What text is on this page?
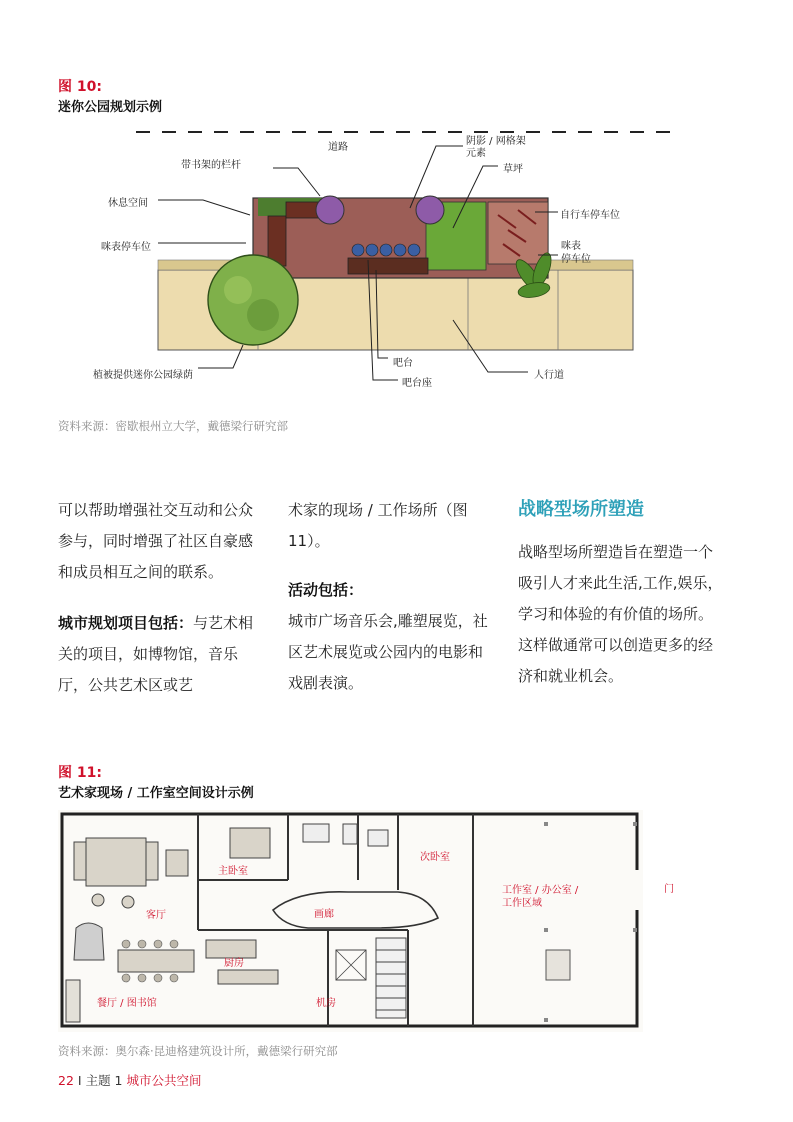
图 10:
迷你公园规划示例
道路
带书架的栏杆
阴影 / 网格架
元素
草坪
休息空间
自行车停车位
咪表停车位	咪表
停车位
吧台
吧台座
人行道
植被提供迷你公园绿荫
资料来源：密歇根州立大学，戴德梁行研究部

可以帮助增强社交互动和公众参与，同时增强了社区自豪感和成员相互之间的联系。

城市规划项目包括：与艺术相关的项目，如博物馆，音乐厅，公共艺术区或艺

术家的现场 / 工作场所（图 11）。

活动包括：

城市广场音乐会,雕塑展览，社区艺术展览或公园内的电影和戏剧表演。

战略型场所塑造

战略型场所塑造旨在塑造一个吸引人才来此生活,工作,娱乐，学习和体验的有价值的场所。这样做通常可以创造更多的经济和就业机会。

图 11:
艺术家现场 / 工作室空间设计示例
主卧室
客厅
次卧室
画廊
工作室 / 办公室 /
工作区域
门
厨房
餐厅 / 图书馆	机房
资料来源：奥尔森·昆迪格建筑设计所，戴德梁行研究部
22 I 主题 1 城市公共空间
